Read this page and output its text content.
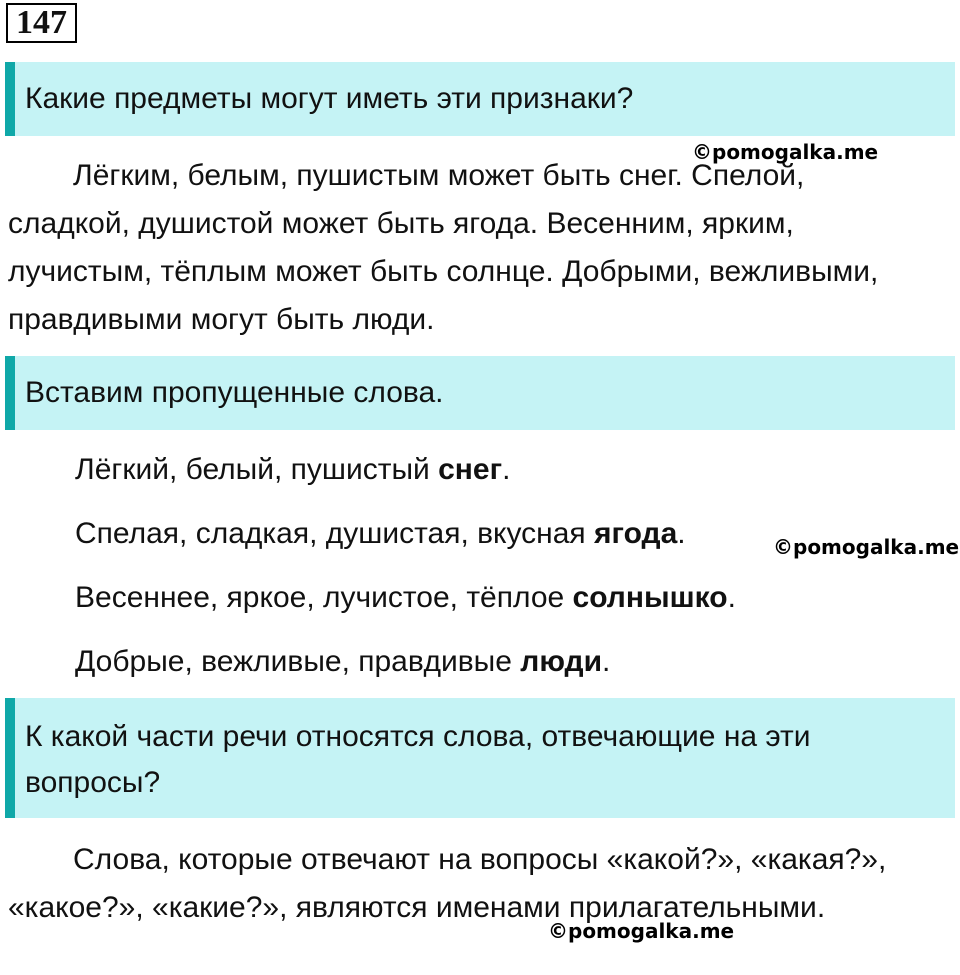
147
Какие предметы могут иметь эти признаки?
©pomogalka.me
Лёгким, белым, пушистым может быть снег. Спелой, сладкой, душистой может быть ягода. Весенним, ярким, лучистым, тёплым может быть солнце. Добрыми, вежливыми, правдивыми могут быть люди.
Вставим пропущенные слова.
Лёгкий, белый, пушистый снег.
Спелая, сладкая, душистая, вкусная ягода.	©pomogalka.me
Весеннее, яркое, лучистое, тёплое солнышко.
Добрые, вежливые, правдивые люди.
К какой части речи относятся слова, отвечающие на эти вопросы?
Слова, которые отвечают на вопросы «какой?», «какая?», «какое?», «какие?», являются именами прилагательными.
©pomogalka.me
